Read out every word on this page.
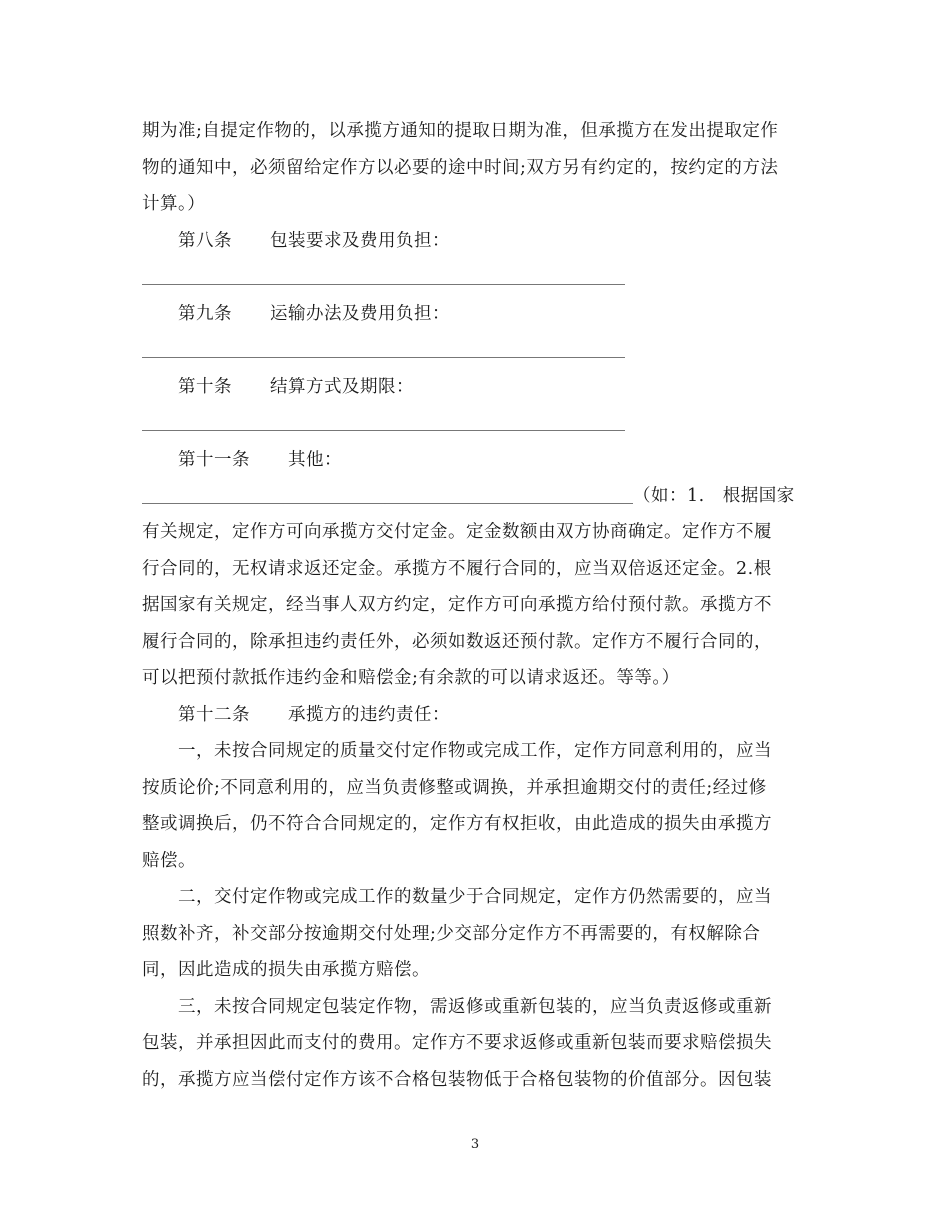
期为准;自提定作物的，以承揽方通知的提取日期为准，但承揽方在发出提取定作
物的通知中，必须留给定作方以必要的途中时间;双方另有约定的，按约定的方法
计算。）
第八条 包装要求及费用负担：
第九条 运输办法及费用负担：
第十条 结算方式及期限：
第十一条 其他：
（如：1.　根据国家
有关规定，定作方可向承揽方交付定金。定金数额由双方协商确定。定作方不履
行合同的，无权请求返还定金。承揽方不履行合同的，应当双倍返还定金。2.根
据国家有关规定，经当事人双方约定，定作方可向承揽方给付预付款。承揽方不
履行合同的，除承担违约责任外，必须如数返还预付款。定作方不履行合同的，
可以把预付款抵作违约金和赔偿金;有余款的可以请求返还。等等。）
第十二条 承揽方的违约责任：
一，未按合同规定的质量交付定作物或完成工作，定作方同意利用的，应当
按质论价;不同意利用的，应当负责修整或调换，并承担逾期交付的责任;经过修
整或调换后，仍不符合合同规定的，定作方有权拒收，由此造成的损失由承揽方
赔偿。
二，交付定作物或完成工作的数量少于合同规定，定作方仍然需要的，应当
照数补齐，补交部分按逾期交付处理;少交部分定作方不再需要的，有权解除合
同，因此造成的损失由承揽方赔偿。
三，未按合同规定包装定作物，需返修或重新包装的，应当负责返修或重新
包装，并承担因此而支付的费用。定作方不要求返修或重新包装而要求赔偿损失
的，承揽方应当偿付定作方该不合格包装物低于合格包装物的价值部分。因包装
3
